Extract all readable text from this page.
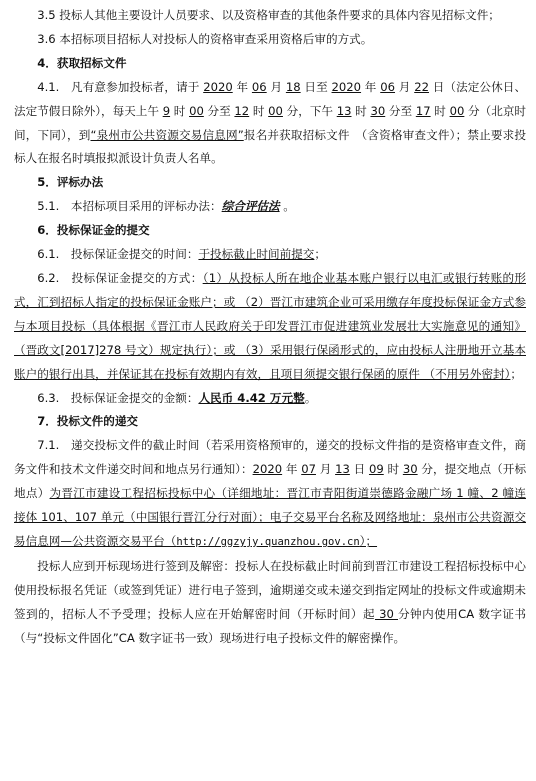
3.5 投标人其他主要设计人员要求、以及资格审查的其他条件要求的具体内容见招标文件；

3.6 本招标项目招标人对投标人的资格审查采用资格后审的方式。

4．获取招标文件

4.1.　凡有意参加投标者，请于 2020 年 06 月 18 日至 2020 年 06 月 22 日（法定公休日、法定节假日除外），每天上午 9 时 00 分至 12 时 00 分，下午 13 时 30 分至 17 时 00 分（北京时间，下同），到“泉州市公共资源交易信息网”报名并获取招标文件　（含资格审查文件）；禁止要求投标人在报名时填报拟派设计负责人名单。

5．评标办法

5.1.　本招标项目采用的评标办法：综合评估法 。

6．投标保证金的提交

6.1.　投标保证金提交的时间：于投标截止时间前提交；

6.2.　投标保证金提交的方式：（1）从投标人所在地企业基本账户银行以电汇或银行转账的形式，汇到招标人指定的投标保证金账户；或 （2）晋江市建筑企业可采用缴存年度投标保证金方式参与本项目投标（具体根据《晋江市人民政府关于印发晋江市促进建筑业发展壮大实施意见的通知》（晋政文[2017]278 号文）规定执行）；或 （3）采用银行保函形式的，应由投标人注册地开立基本账户的银行出具，并保证其在投标有效期内有效，且项目须提交银行保函的原件 （不用另外密封）；

6.3.　投标保证金提交的金额：人民币 4.42 万元整。

7．投标文件的递交

7.1.　递交投标文件的截止时间（若采用资格预审的，递交的投标文件指的是资格审查文件，商务文件和技术文件递交时间和地点另行通知）：2020 年 07 月 13 日 09 时 30 分，提交地点（开标地点）为晋江市建设工程招标投标中心（详细地址：晋江市青阳街道崇德路金融广场 1 幢、2 幢连接体 101、107 单元（中国银行晋江分行对面）；电子交易平台名称及网络地址：泉州市公共资源交易信息网—公共资源交易平台（http://ggzyjy.quanzhou.gov.cn）；

投标人应到开标现场进行签到及解密：投标人在投标截止时间前到晋江市建设工程招标投标中心使用投标报名凭证（或签到凭证）进行电子签到，逾期递交或未递交到指定网址的投标文件或逾期未签到的，招标人不予受理；投标人应在开始解密时间（开标时间）起 30 分钟内使用CA 数字证书（与“投标文件固化”CA 数字证书一致）现场进行电子投标文件的解密操作。
